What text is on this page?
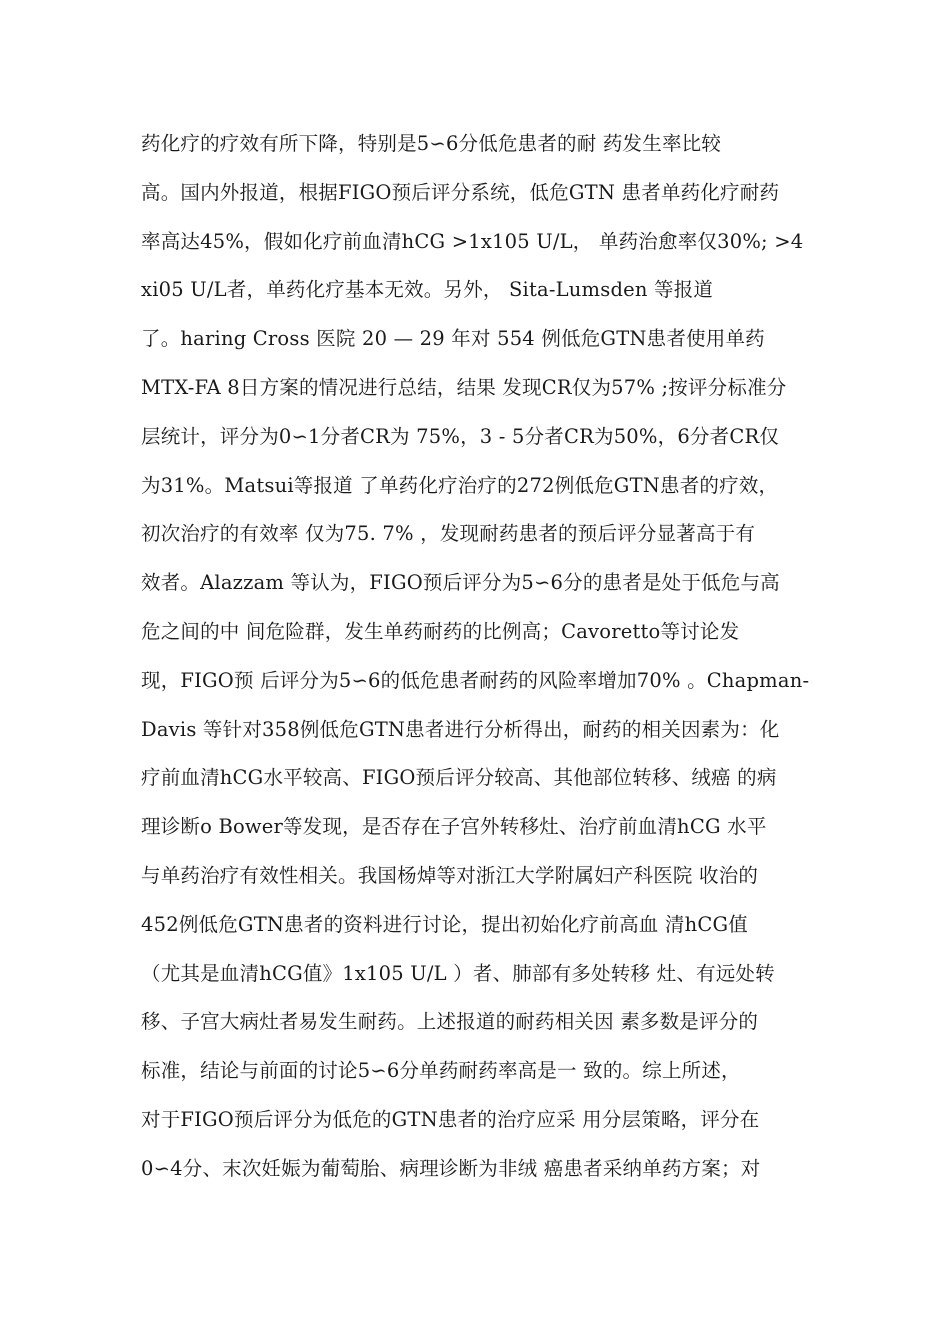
药化疗的疗效有所下降，特别是5∽6分低危患者的耐 药发生率比较
高。国内外报道，根据FIGO预后评分系统，低危GTN 患者单药化疗耐药
率高达45%，假如化疗前血清hCG >1x105 U/L， 单药治愈率仅30%; >4
xi05 U/L者，单药化疗基本无效。另外， Sita-Lumsden 等报道
了。haring Cross 医院 20 — 29 年对 554 例低危GTN患者使用单药
MTX-FA 8日方案的情况进行总结，结果 发现CR仅为57% ;按评分标准分
层统计，评分为0∽1分者CR为 75%，3 - 5分者CR为50%，6分者CR仅
为31%。Matsui等报道 了单药化疗治疗的272例低危GTN患者的疗效，
初次治疗的有效率 仅为75. 7% ，发现耐药患者的预后评分显著高于有
效者。Alazzam 等认为，FIGO预后评分为5∽6分的患者是处于低危与高
危之间的中 间危险群，发生单药耐药的比例高；Cavoretto等讨论发
现，FIGO预 后评分为5∽6的低危患者耐药的风险率增加70% 。Chapman-
Davis 等针对358例低危GTN患者进行分析得出，耐药的相关因素为：化
疗前血清hCG水平较高、FIGO预后评分较高、其他部位转移、绒癌 的病
理诊断o Bower等发现，是否存在子宫外转移灶、治疗前血清hCG 水平
与单药治疗有效性相关。我国杨焯等对浙江大学附属妇产科医院 收治的
452例低危GTN患者的资料进行讨论，提出初始化疗前高血 清hCG值
（尤其是血清hCG值》1x105 U/L ）者、肺部有多处转移 灶、有远处转
移、子宫大病灶者易发生耐药。上述报道的耐药相关因 素多数是评分的
标准，结论与前面的讨论5∽6分单药耐药率高是一 致的。综上所述，
对于FIGO预后评分为低危的GTN患者的治疗应采 用分层策略，评分在
0∽4分、末次妊娠为葡萄胎、病理诊断为非绒 癌患者采纳单药方案；对
